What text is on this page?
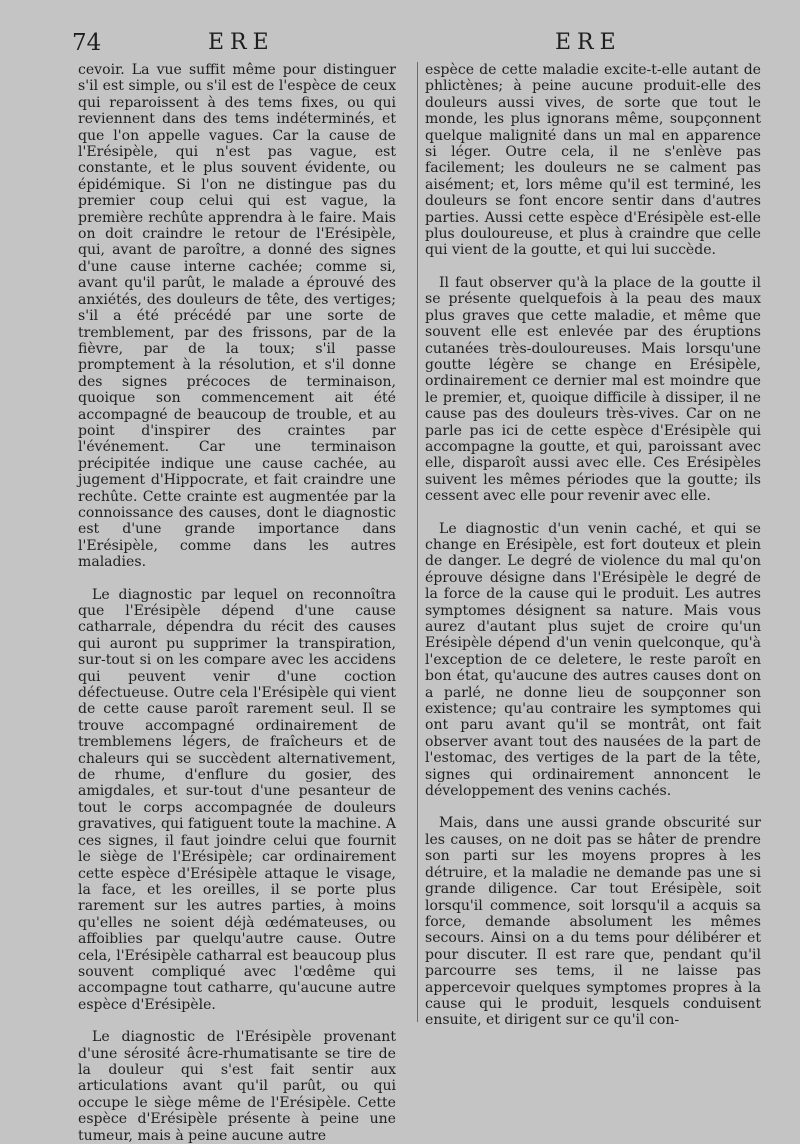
74	ERE	ERE

cevoir. La vue suffit même pour distinguer s'il est simple, ou s'il est de l'espèce de ceux qui reparoissent à des tems fixes, ou qui reviennent dans des tems indéterminés, et que l'on appelle vagues. Car la cause de l'Erésipèle, qui n'est pas vague, est constante, et le plus souvent évidente, ou épidémique. Si l'on ne distingue pas du premier coup celui qui est vague, la première rechûte apprendra à le faire. Mais on doit craindre le retour de l'Erésipèle, qui, avant de paroître, a donné des signes d'une cause interne cachée; comme si, avant qu'il parût, le malade a éprouvé des anxiétés, des douleurs de tête, des vertiges; s'il a été précédé par une sorte de tremblement, par des frissons, par de la fièvre, par de la toux; s'il passe promptement à la résolution, et s'il donne des signes précoces de terminaison, quoique son commencement ait été accompagné de beaucoup de trouble, et au point d'inspirer des craintes par l'événement. Car une terminaison précipitée indique une cause cachée, au jugement d'Hippocrate, et fait craindre une rechûte. Cette crainte est augmentée par la connoissance des causes, dont le diagnostic est d'une grande importance dans l'Erésipèle, comme dans les autres maladies.

Le diagnostic par lequel on reconnoîtra que l'Erésipèle dépend d'une cause catharrale, dépendra du récit des causes qui auront pu supprimer la transpiration, sur-tout si on les compare avec les accidens qui peuvent venir d'une coction défectueuse. Outre cela l'Erésipèle qui vient de cette cause paroît rarement seul. Il se trouve accompagné ordinairement de tremblemens légers, de fraîcheurs et de chaleurs qui se succèdent alternativement, de rhume, d'enflure du gosier, des amigdales, et sur-tout d'une pesanteur de tout le corps accompagnée de douleurs gravatives, qui fatiguent toute la machine. A ces signes, il faut joindre celui que fournit le siège de l'Erésipèle; car ordinairement cette espèce d'Erésipèle attaque le visage, la face, et les oreilles, il se porte plus rarement sur les autres parties, à moins qu'elles ne soient déjà œdémateuses, ou affoiblies par quelqu'autre cause. Outre cela, l'Erésipèle catharral est beaucoup plus souvent compliqué avec l'œdême qui accompagne tout catharre, qu'aucune autre espèce d'Erésipèle.

Le diagnostic de l'Erésipèle provenant d'une sérosité âcre-rhumatisante se tire de la douleur qui s'est fait sentir aux articulations avant qu'il parût, ou qui occupe le siège même de l'Erésipèle. Cette espèce d'Erésipèle présente à peine une tumeur, mais à peine aucune autre

espèce de cette maladie excite-t-elle autant de phlictènes; à peine aucune produit-elle des douleurs aussi vives, de sorte que tout le monde, les plus ignorans même, soupçonnent quelque malignité dans un mal en apparence si léger. Outre cela, il ne s'enlève pas facilement; les douleurs ne se calment pas aisément; et, lors même qu'il est terminé, les douleurs se font encore sentir dans d'autres parties. Aussi cette espèce d'Erésipèle est-elle plus douloureuse, et plus à craindre que celle qui vient de la goutte, et qui lui succède.

Il faut observer qu'à la place de la goutte il se présente quelquefois à la peau des maux plus graves que cette maladie, et même que souvent elle est enlevée par des éruptions cutanées très-douloureuses. Mais lorsqu'une goutte légère se change en Erésipèle, ordinairement ce dernier mal est moindre que le premier, et, quoique difficile à dissiper, il ne cause pas des douleurs très-vives. Car on ne parle pas ici de cette espèce d'Erésipèle qui accompagne la goutte, et qui, paroissant avec elle, disparoît aussi avec elle. Ces Erésipèles suivent les mêmes périodes que la goutte; ils cessent avec elle pour revenir avec elle.

Le diagnostic d'un venin caché, et qui se change en Erésipèle, est fort douteux et plein de danger. Le degré de violence du mal qu'on éprouve désigne dans l'Erésipèle le degré de la force de la cause qui le produit. Les autres symptomes désignent sa nature. Mais vous aurez d'autant plus sujet de croire qu'un Erésipèle dépend d'un venin quelconque, qu'à l'exception de ce deletere, le reste paroît en bon état, qu'aucune des autres causes dont on a parlé, ne donne lieu de soupçonner son existence; qu'au contraire les symptomes qui ont paru avant qu'il se montrât, ont fait observer avant tout des nausées de la part de l'estomac, des vertiges de la part de la tête, signes qui ordinairement annoncent le développement des venins cachés.

Mais, dans une aussi grande obscurité sur les causes, on ne doit pas se hâter de prendre son parti sur les moyens propres à les détruire, et la maladie ne demande pas une si grande diligence. Car tout Erésipèle, soit lorsqu'il commence, soit lorsqu'il a acquis sa force, demande absolument les mêmes secours. Ainsi on a du tems pour délibérer et pour discuter. Il est rare que, pendant qu'il parcourre ses tems, il ne laisse pas appercevoir quelques symptomes propres à la cause qui le produit, lesquels conduisent ensuite, et dirigent sur ce qu'il con-
